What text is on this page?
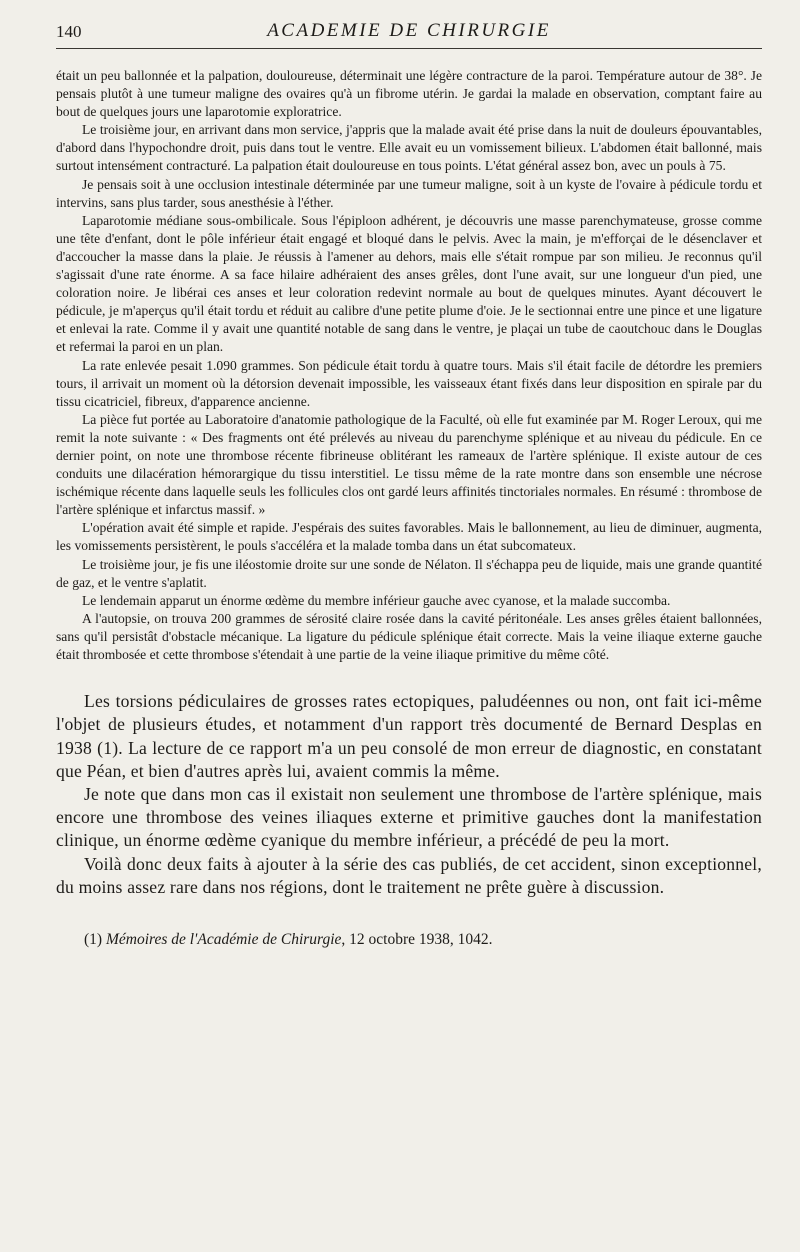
140	ACADEMIE DE CHIRURGIE

était un peu ballonnée et la palpation, douloureuse, déterminait une légère contracture de la paroi. Température autour de 38°. Je pensais plutôt à une tumeur maligne des ovaires qu'à un fibrome utérin. Je gardai la malade en observation, comptant faire au bout de quelques jours une laparotomie exploratrice.

Le troisième jour, en arrivant dans mon service, j'appris que la malade avait été prise dans la nuit de douleurs épouvantables, d'abord dans l'hypochondre droit, puis dans tout le ventre. Elle avait eu un vomissement bilieux. L'abdomen était ballonné, mais surtout intensément contracturé. La palpation était douloureuse en tous points. L'état général assez bon, avec un pouls à 75.

Je pensais soit à une occlusion intestinale déterminée par une tumeur maligne, soit à un kyste de l'ovaire à pédicule tordu et intervins, sans plus tarder, sous anesthésie à l'éther.

Laparotomie médiane sous-ombilicale. Sous l'épiploon adhérent, je découvris une masse parenchymateuse, grosse comme une tête d'enfant, dont le pôle inférieur était engagé et bloqué dans le pelvis. Avec la main, je m'efforçai de le désenclaver et d'accoucher la masse dans la plaie. Je réussis à l'amener au dehors, mais elle s'était rompue par son milieu. Je reconnus qu'il s'agissait d'une rate énorme. A sa face hilaire adhéraient des anses grêles, dont l'une avait, sur une longueur d'un pied, une coloration noire. Je libérai ces anses et leur coloration redevint normale au bout de quelques minutes. Ayant découvert le pédicule, je m'aperçus qu'il était tordu et réduit au calibre d'une petite plume d'oie. Je le sectionnai entre une pince et une ligature et enlevai la rate. Comme il y avait une quantité notable de sang dans le ventre, je plaçai un tube de caoutchouc dans le Douglas et refermai la paroi en un plan.

La rate enlevée pesait 1.090 grammes. Son pédicule était tordu à quatre tours. Mais s'il était facile de détordre les premiers tours, il arrivait un moment où la détorsion devenait impossible, les vaisseaux étant fixés dans leur disposition en spirale par du tissu cicatriciel, fibreux, d'apparence ancienne.

La pièce fut portée au Laboratoire d'anatomie pathologique de la Faculté, où elle fut examinée par M. Roger Leroux, qui me remit la note suivante : « Des fragments ont été prélevés au niveau du parenchyme splénique et au niveau du pédicule. En ce dernier point, on note une thrombose récente fibrineuse oblitérant les rameaux de l'artère splénique. Il existe autour de ces conduits une dilacération hémorargique du tissu interstitiel. Le tissu même de la rate montre dans son ensemble une nécrose ischémique récente dans laquelle seuls les follicules clos ont gardé leurs affinités tinctoriales normales. En résumé : thrombose de l'artère splénique et infarctus massif. »

L'opération avait été simple et rapide. J'espérais des suites favorables. Mais le ballonnement, au lieu de diminuer, augmenta, les vomissements persistèrent, le pouls s'accéléra et la malade tomba dans un état subcomateux.

Le troisième jour, je fis une iléostomie droite sur une sonde de Nélaton. Il s'échappa peu de liquide, mais une grande quantité de gaz, et le ventre s'aplatit.

Le lendemain apparut un énorme œdème du membre inférieur gauche avec cyanose, et la malade succomba.

A l'autopsie, on trouva 200 grammes de sérosité claire rosée dans la cavité péritonéale. Les anses grêles étaient ballonnées, sans qu'il persistât d'obstacle mécanique. La ligature du pédicule splénique était correcte. Mais la veine iliaque externe gauche était thrombosée et cette thrombose s'étendait à une partie de la veine iliaque primitive du même côté.

Les torsions pédiculaires de grosses rates ectopiques, paludéennes ou non, ont fait ici-même l'objet de plusieurs études, et notamment d'un rapport très documenté de Bernard Desplas en 1938 (1). La lecture de ce rapport m'a un peu consolé de mon erreur de diagnostic, en constatant que Péan, et bien d'autres après lui, avaient commis la même.

Je note que dans mon cas il existait non seulement une thrombose de l'artère splénique, mais encore une thrombose des veines iliaques externe et primitive gauches dont la manifestation clinique, un énorme œdème cyanique du membre inférieur, a précédé de peu la mort.

Voilà donc deux faits à ajouter à la série des cas publiés, de cet accident, sinon exceptionnel, du moins assez rare dans nos régions, dont le traitement ne prête guère à discussion.

(1) Mémoires de l'Académie de Chirurgie, 12 octobre 1938, 1042.
